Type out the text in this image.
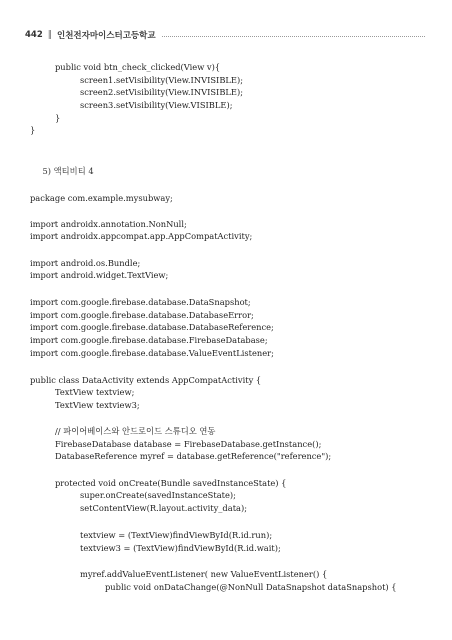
442 ‖ 인천전자마이스터고등학교
public void btn_check_clicked(View v){
screen1.setVisibility(View.INVISIBLE);
screen2.setVisibility(View.INVISIBLE);
screen3.setVisibility(View.VISIBLE);
}
}
5) 액티비티 4
package com.example.mysubway;
import androidx.annotation.NonNull;
import androidx.appcompat.app.AppCompatActivity;
import android.os.Bundle;
import android.widget.TextView;
import com.google.firebase.database.DataSnapshot;
import com.google.firebase.database.DatabaseError;
import com.google.firebase.database.DatabaseReference;
import com.google.firebase.database.FirebaseDatabase;
import com.google.firebase.database.ValueEventListener;
public class DataActivity extends AppCompatActivity {
TextView textview;
TextView textview3;
// 파이어베이스와 안드로이드 스튜디오 연동
FirebaseDatabase database = FirebaseDatabase.getInstance();
DatabaseReference myref = database.getReference("reference");
protected void onCreate(Bundle savedInstanceState) {
super.onCreate(savedInstanceState);
setContentView(R.layout.activity_data);
textview = (TextView)findViewById(R.id.run);
textview3 = (TextView)findViewById(R.id.wait);
myref.addValueEventListener( new ValueEventListener() {
public void onDataChange(@NonNull DataSnapshot dataSnapshot) {
